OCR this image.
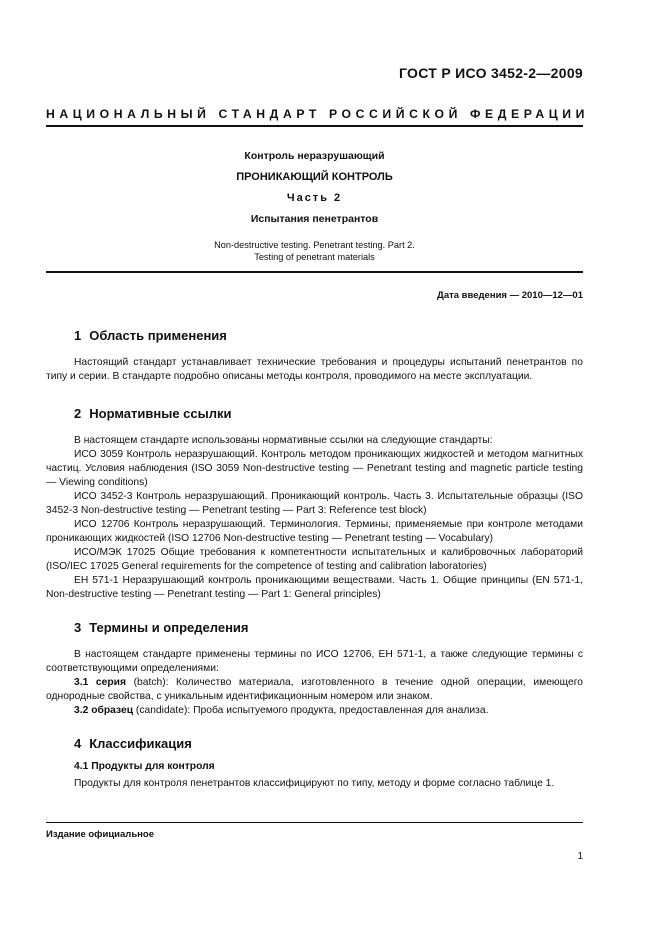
ГОСТ Р ИСО 3452-2—2009
НАЦИОНАЛЬНЫЙ СТАНДАРТ РОССИЙСКОЙ ФЕДЕРАЦИИ
Контроль неразрушающий
ПРОНИКАЮЩИЙ КОНТРОЛЬ
Часть 2
Испытания пенетрантов
Non-destructive testing. Penetrant testing. Part 2.
Testing of penetrant materials
Дата введения — 2010—12—01
1 Область применения

Настоящий стандарт устанавливает технические требования и процедуры испытаний пенетрантов по типу и серии. В стандарте подробно описаны методы контроля, проводимого на месте эксплуатации.

2 Нормативные ссылки

В настоящем стандарте использованы нормативные ссылки на следующие стандарты:

ИСО 3059 Контроль неразрушающий. Контроль методом проникающих жидкостей и методом магнитных частиц. Условия наблюдения (ISO 3059 Non-destructive testing — Penetrant testing and magnetic particle testing — Viewing conditions)

ИСО 3452-3 Контроль неразрушающий. Проникающий контроль. Часть 3. Испытательные образцы (ISO 3452-3 Non-destructive testing — Penetrant testing — Part 3: Reference test block)

ИСО 12706 Контроль неразрушающий. Терминология. Термины, применяемые при контроле методами проникающих жидкостей (ISO 12706 Non-destructive testing — Penetrant testing — Vocabulary)

ИСО/МЭК 17025 Общие требования к компетентности испытательных и калибровочных лабораторий (ISO/IEC 17025 General requirements for the competence of testing and calibration laboratories)

ЕН 571-1 Неразрушающий контроль проникающими веществами. Часть 1. Общие принципы (EN 571-1, Non-destructive testing — Penetrant testing — Part 1: General principles)

3 Термины и определения

В настоящем стандарте применены термины по ИСО 12706, ЕН 571-1, а также следующие термины с соответствующими определениями:

3.1 серия (batch): Количество материала, изготовленного в течение одной операции, имеющего однородные свойства, с уникальным идентификационным номером или знаком.

3.2 образец (candidate): Проба испытуемого продукта, предоставленная для анализа.

4 Классификация
4.1 Продукты для контроля

Продукты для контроля пенетрантов классифицируют по типу, методу и форме согласно таблице 1.

Издание официальное
1
